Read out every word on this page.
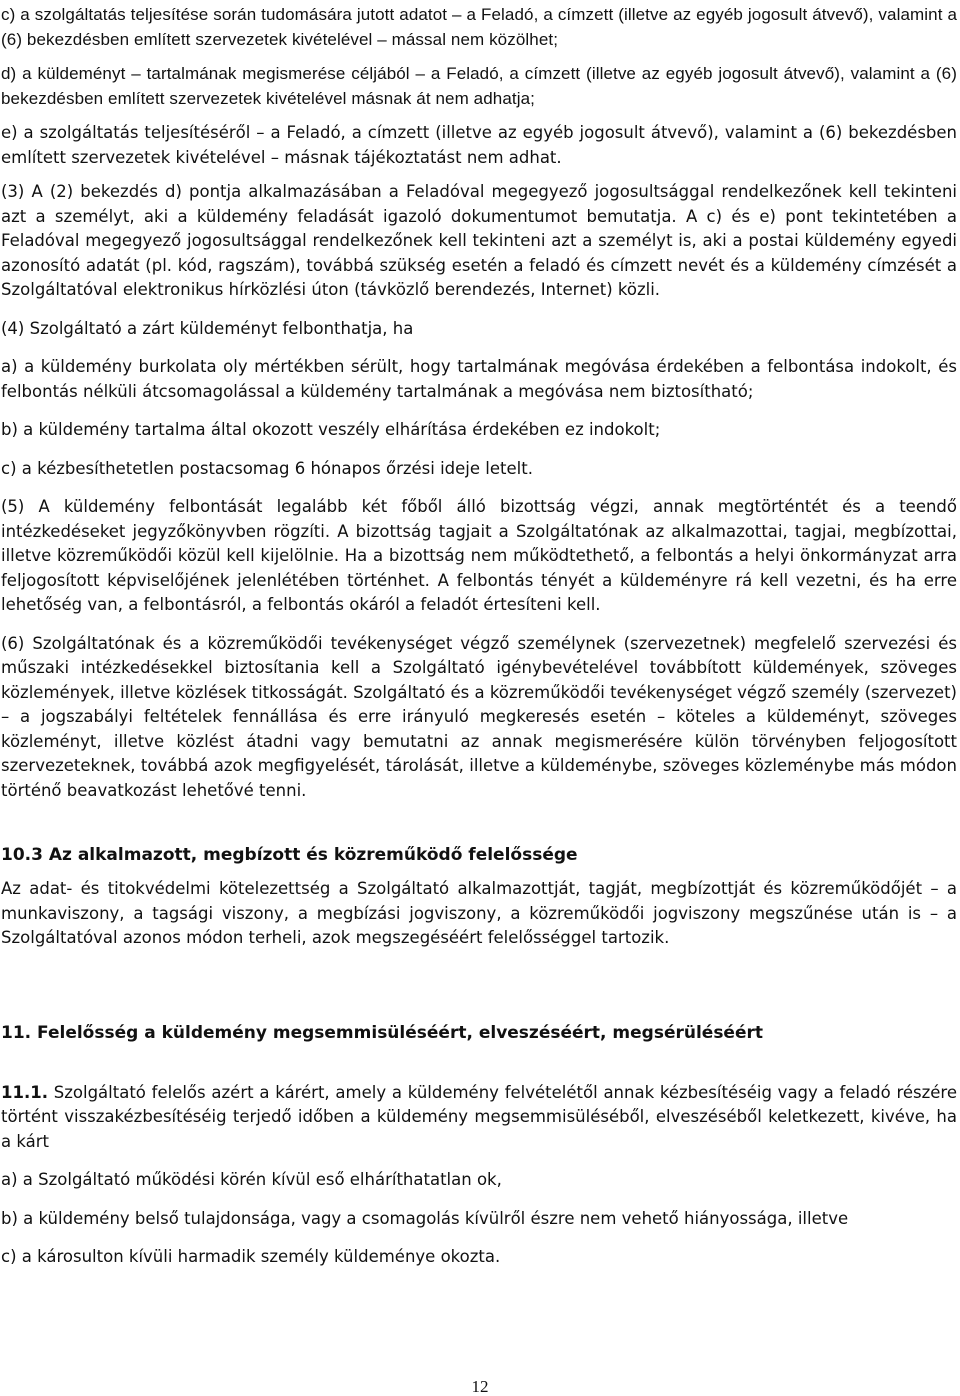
c) a szolgáltatás teljesítése során tudomására jutott adatot – a Feladó, a címzett (illetve az egyéb jogosult átvevő), valamint a (6) bekezdésben említett szervezetek kivételével – mással nem közölhet;

d) a küldeményt – tartalmának megismerése céljából – a Feladó, a címzett (illetve az egyéb jogosult átvevő), valamint a (6) bekezdésben említett szervezetek kivételével másnak át nem adhatja;

e) a szolgáltatás teljesítéséről – a Feladó, a címzett (illetve az egyéb jogosult átvevő), valamint a (6) bekezdésben említett szervezetek kivételével – másnak tájékoztatást nem adhat.

(3) A (2) bekezdés d) pontja alkalmazásában a Feladóval megegyező jogosultsággal rendelkezőnek kell tekinteni azt a személyt, aki a küldemény feladását igazoló dokumentumot bemutatja. A c) és e) pont tekintetében a Feladóval megegyező jogosultsággal rendelkezőnek kell tekinteni azt a személyt is, aki a postai küldemény egyedi azonosító adatát (pl. kód, ragszám), továbbá szükség esetén a feladó és címzett nevét és a küldemény címzését a Szolgáltatóval elektronikus hírközlési úton (távközlő berendezés, Internet) közli.

(4) Szolgáltató a zárt küldeményt felbonthatja, ha

a) a küldemény burkolata oly mértékben sérült, hogy tartalmának megóvása érdekében a felbontása indokolt, és felbontás nélküli átcsomagolással a küldemény tartalmának a megóvása nem biztosítható;

b) a küldemény tartalma által okozott veszély elhárítása érdekében ez indokolt;

c) a kézbesíthetetlen postacsomag 6 hónapos őrzési ideje letelt.

(5) A küldemény felbontását legalább két főből álló bizottság végzi, annak megtörténtét és a teendő intézkedéseket jegyzőkönyvben rögzíti. A bizottság tagjait a Szolgáltatónak az alkalmazottai, tagjai, megbízottai, illetve közreműködői közül kell kijelölnie. Ha a bizottság nem működtethető, a felbontás a helyi önkormányzat arra feljogosított képviselőjének jelenlétében történhet. A felbontás tényét a küldeményre rá kell vezetni, és ha erre lehetőség van, a felbontásról, a felbontás okáról a feladót értesíteni kell.

(6) Szolgáltatónak és a közreműködői tevékenységet végző személynek (szervezetnek) megfelelő szervezési és műszaki intézkedésekkel biztosítania kell a Szolgáltató igénybevételével továbbított küldemények, szöveges közlemények, illetve közlések titkosságát. Szolgáltató és a közreműködői tevékenységet végző személy (szervezet) – a jogszabályi feltételek fennállása és erre irányuló megkeresés esetén – köteles a küldeményt, szöveges közleményt, illetve közlést átadni vagy bemutatni az annak megismerésére külön törvényben feljogosított szervezeteknek, továbbá azok megfigyelését, tárolását, illetve a küldeménybe, szöveges közleménybe más módon történő beavatkozást lehetővé tenni.

10.3 Az alkalmazott, megbízott és közreműködő felelőssége

Az adat- és titokvédelmi kötelezettség a Szolgáltató alkalmazottját, tagját, megbízottját és közreműködőjét – a munkaviszony, a tagsági viszony, a megbízási jogviszony, a közreműködői jogviszony megszűnése után is – a Szolgáltatóval azonos módon terheli, azok megszegéséért felelősséggel tartozik.

11. Felelősség a küldemény megsemmisüléséért, elveszéséért, megsérüléséért

11.1. Szolgáltató felelős azért a kárért, amely a küldemény felvételétől annak kézbesítéséig vagy a feladó részére történt visszakézbesítéséig terjedő időben a küldemény megsemmisüléséből, elveszéséből keletkezett, kivéve, ha a kárt

a) a Szolgáltató működési körén kívül eső elháríthatatlan ok,

b) a küldemény belső tulajdonsága, vagy a csomagolás kívülről észre nem vehető hiányossága, illetve

c) a károsulton kívüli harmadik személy küldeménye okozta.

12
